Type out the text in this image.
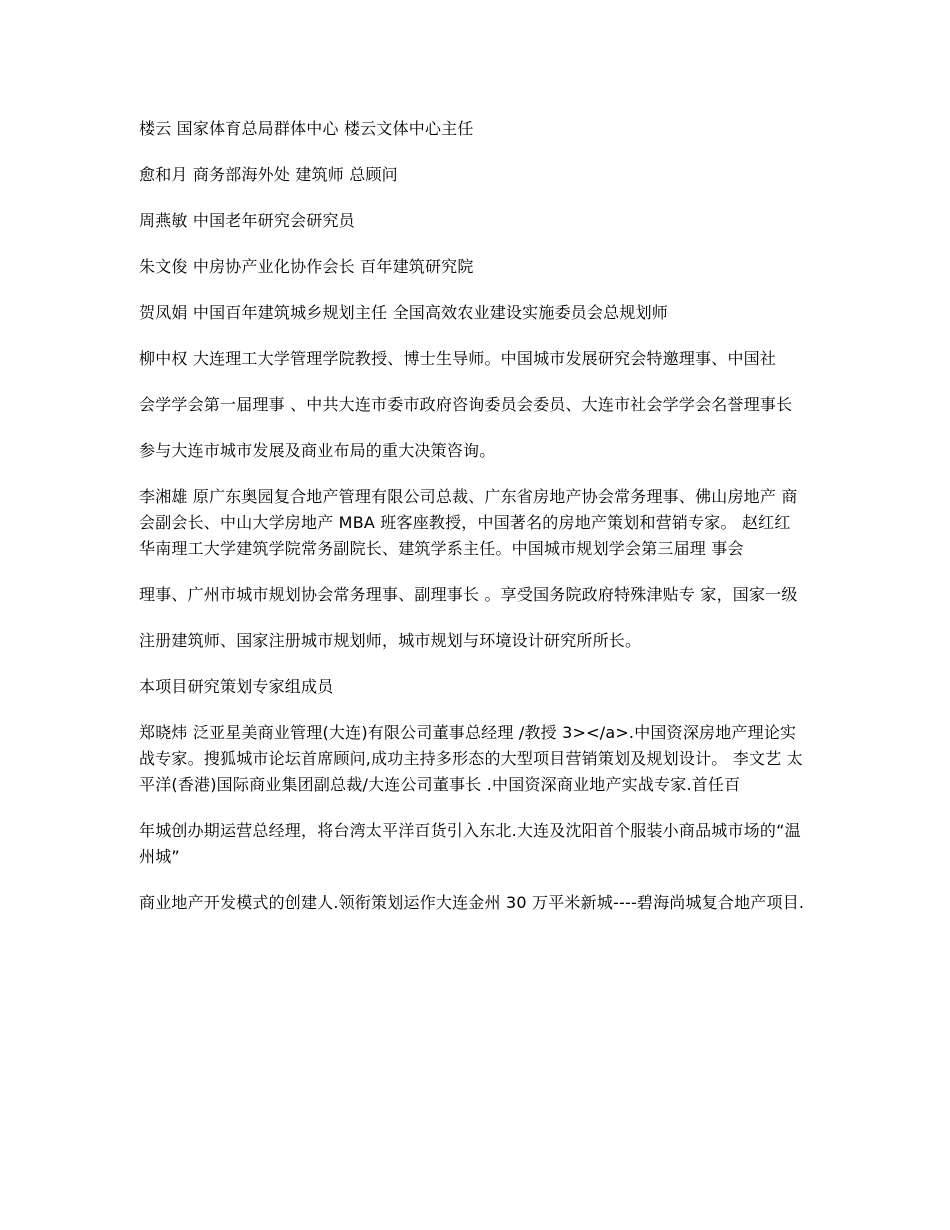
楼云 国家体育总局群体中心 楼云文体中心主任

愈和月 商务部海外处 建筑师 总顾问

周燕敏 中国老年研究会研究员

朱文俊 中房协产业化协作会长 百年建筑研究院

贺凤娟 中国百年建筑城乡规划主任 全国高效农业建设实施委员会总规划师

柳中权 大连理工大学管理学院教授、博士生导师。中国城市发展研究会特邀理事、中国社

会学学会第一届理事 、中共大连市委市政府咨询委员会委员、大连市社会学学会名誉理事长

参与大连市城市发展及商业布局的重大决策咨询。

李湘雄 原广东奥园复合地产管理有限公司总裁、广东省房地产协会常务理事、佛山房地产 商会副会长、中山大学房地产 MBA 班客座教授，中国著名的房地产策划和营销专家。 赵红红 华南理工大学建筑学院常务副院长、建筑学系主任。中国城市规划学会第三届理 事会

理事、广州市城市规划协会常务理事、副理事长 。享受国务院政府特殊津贴专 家，国家一级

注册建筑师、国家注册城市规划师，城市规划与环境设计研究所所长。

本项目研究策划专家组成员

郑晓炜 泛亚星美商业管理(大连)有限公司董事总经理 /教授 3></a>.中国资深房地产理论实战专家。搜狐城市论坛首席顾问,成功主持多形态的大型项目营销策划及规划设计。 李文艺 太平洋(香港)国际商业集团副总裁/大连公司董事长 .中国资深商业地产实战专家.首任百

年城创办期运营总经理，将台湾太平洋百货引入东北.大连及沈阳首个服装小商品城市场的“温州城”

商业地产开发模式的创建人.领衔策划运作大连金州 30 万平米新城----碧海尚城复合地产项目.
